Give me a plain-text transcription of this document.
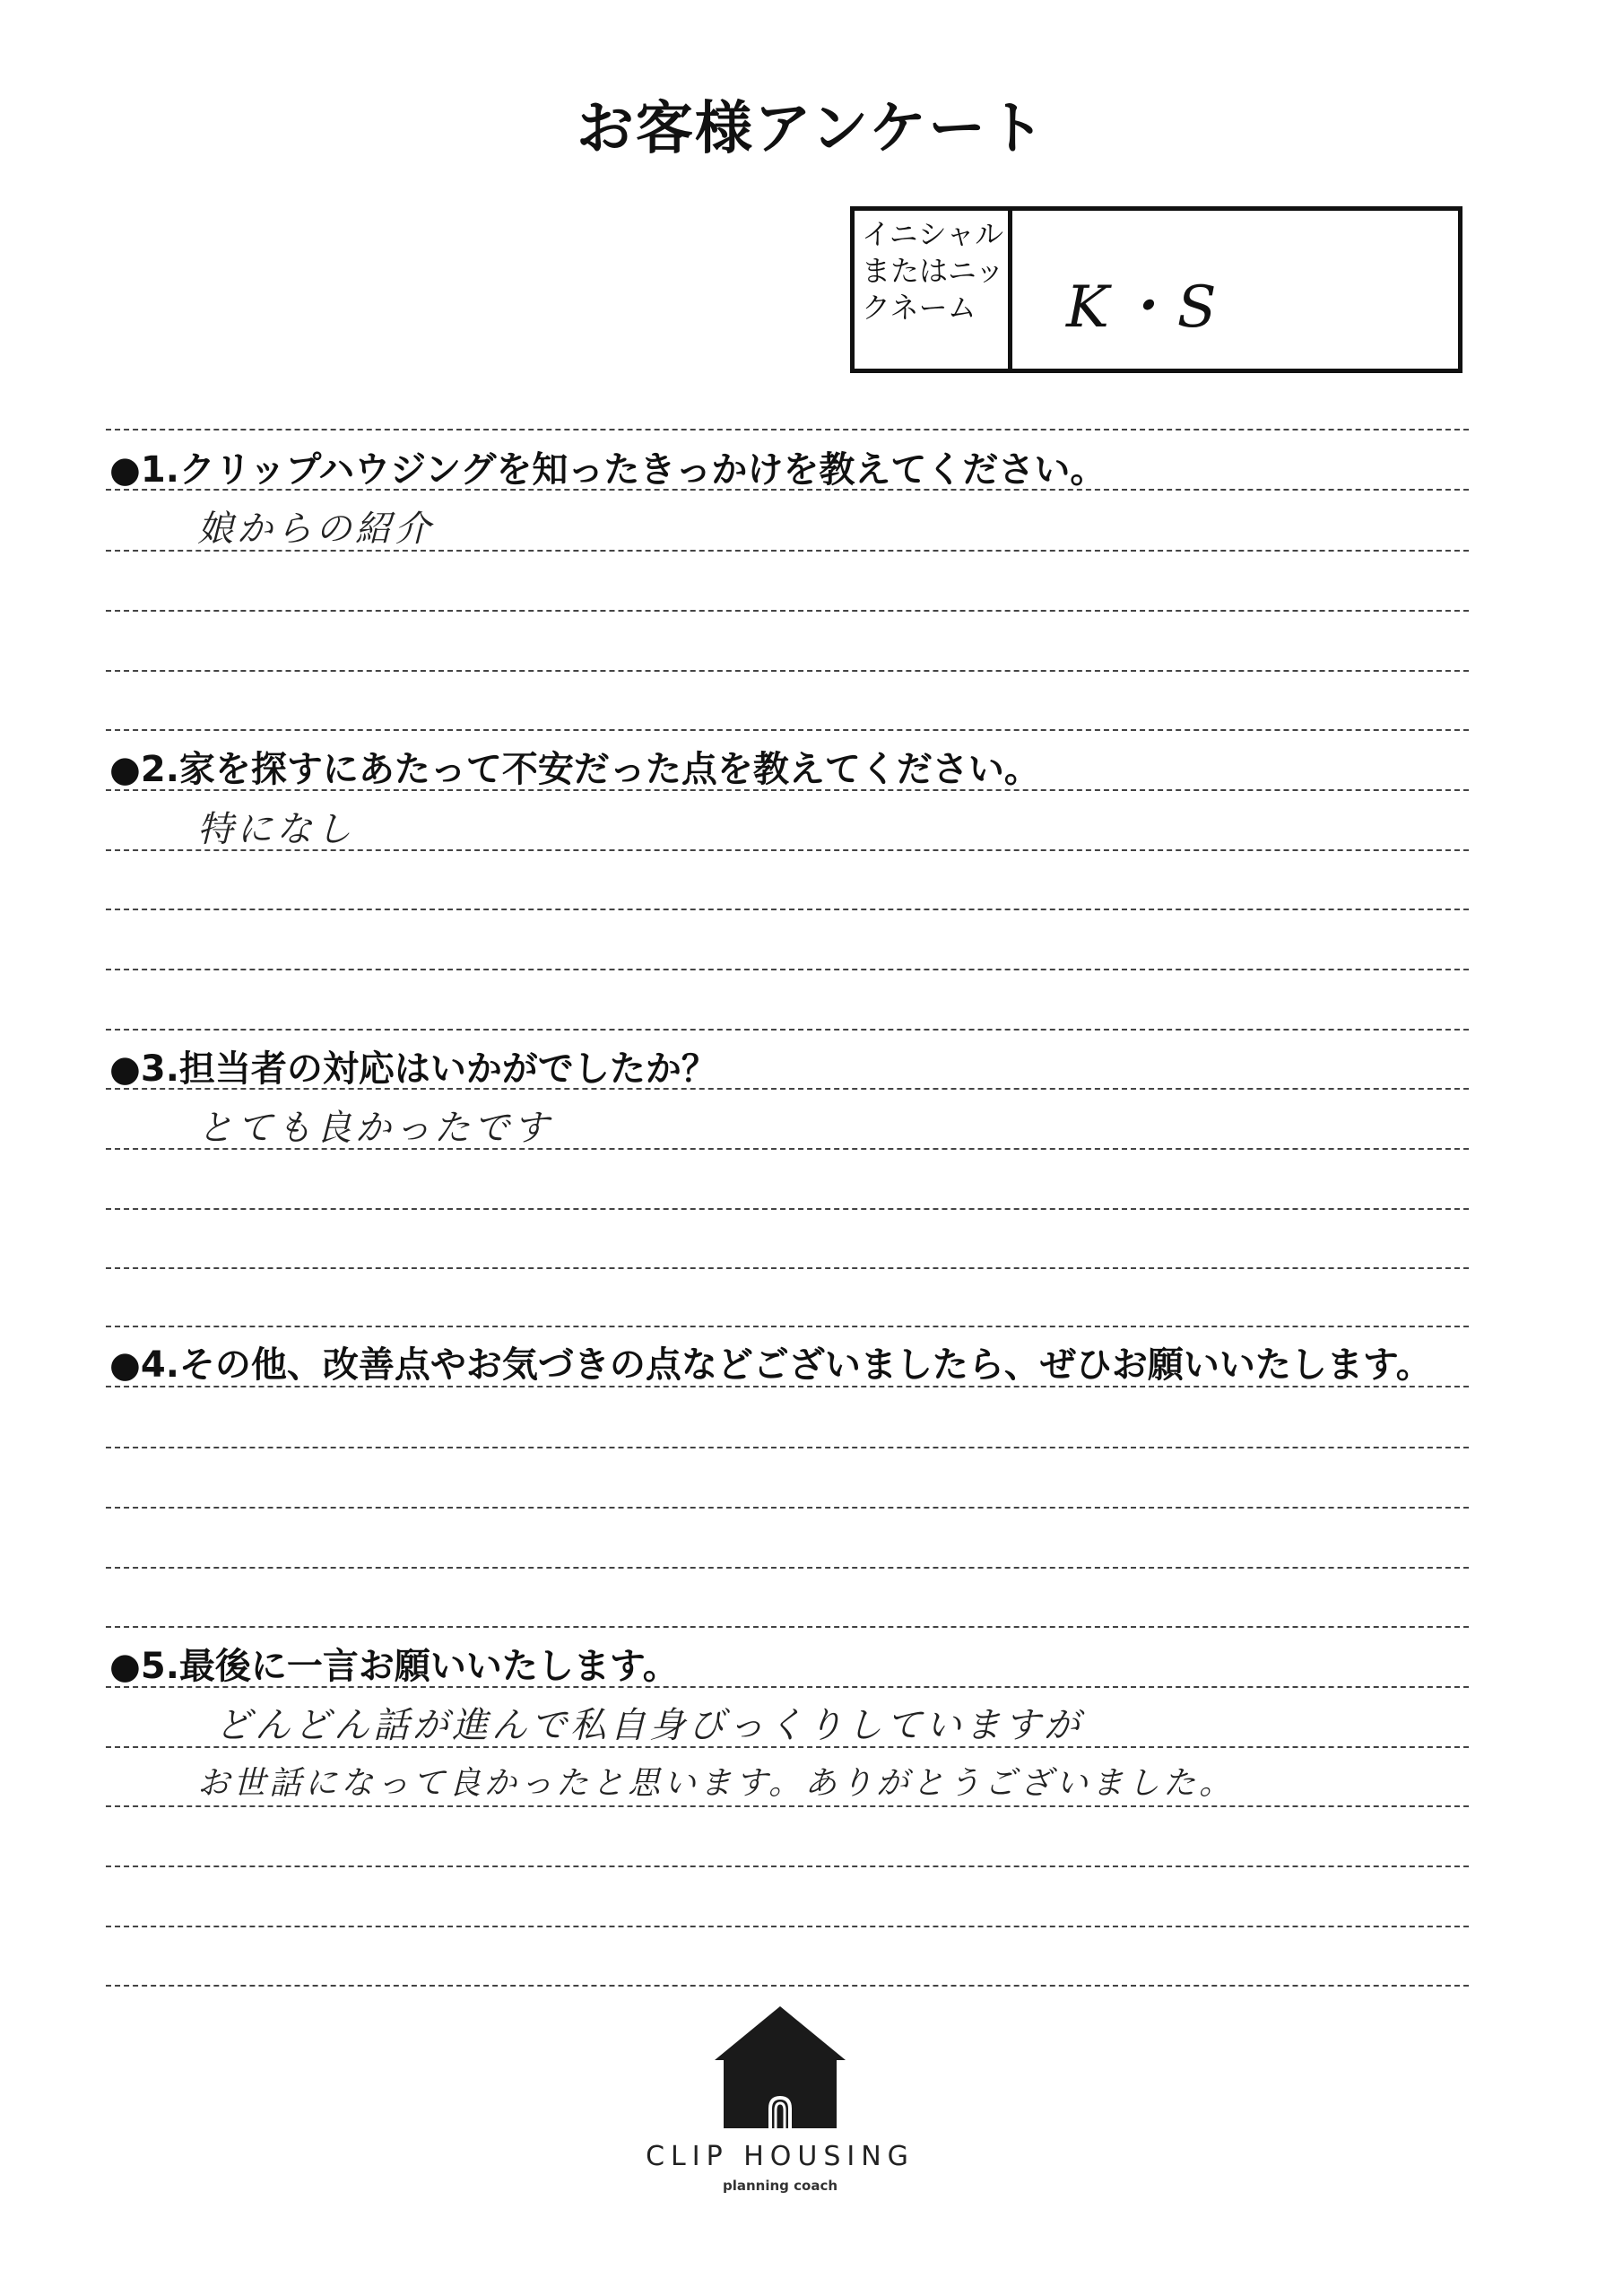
お客様アンケート
イニシャルまたはニックネーム	K・S
●1.クリップハウジングを知ったきっかけを教えてください。
娘からの紹介
●2.家を探すにあたって不安だった点を教えてください。
特になし
●3.担当者の対応はいかがでしたか？
とても良かったです
●4.その他、改善点やお気づきの点などございましたら、ぜひお願いいたします。
●5.最後に一言お願いいたします。
どんどん話が進んで私自身びっくりしていますが
お世話になって良かったと思います。ありがとうございました。
CLIP HOUSING
planning coach
